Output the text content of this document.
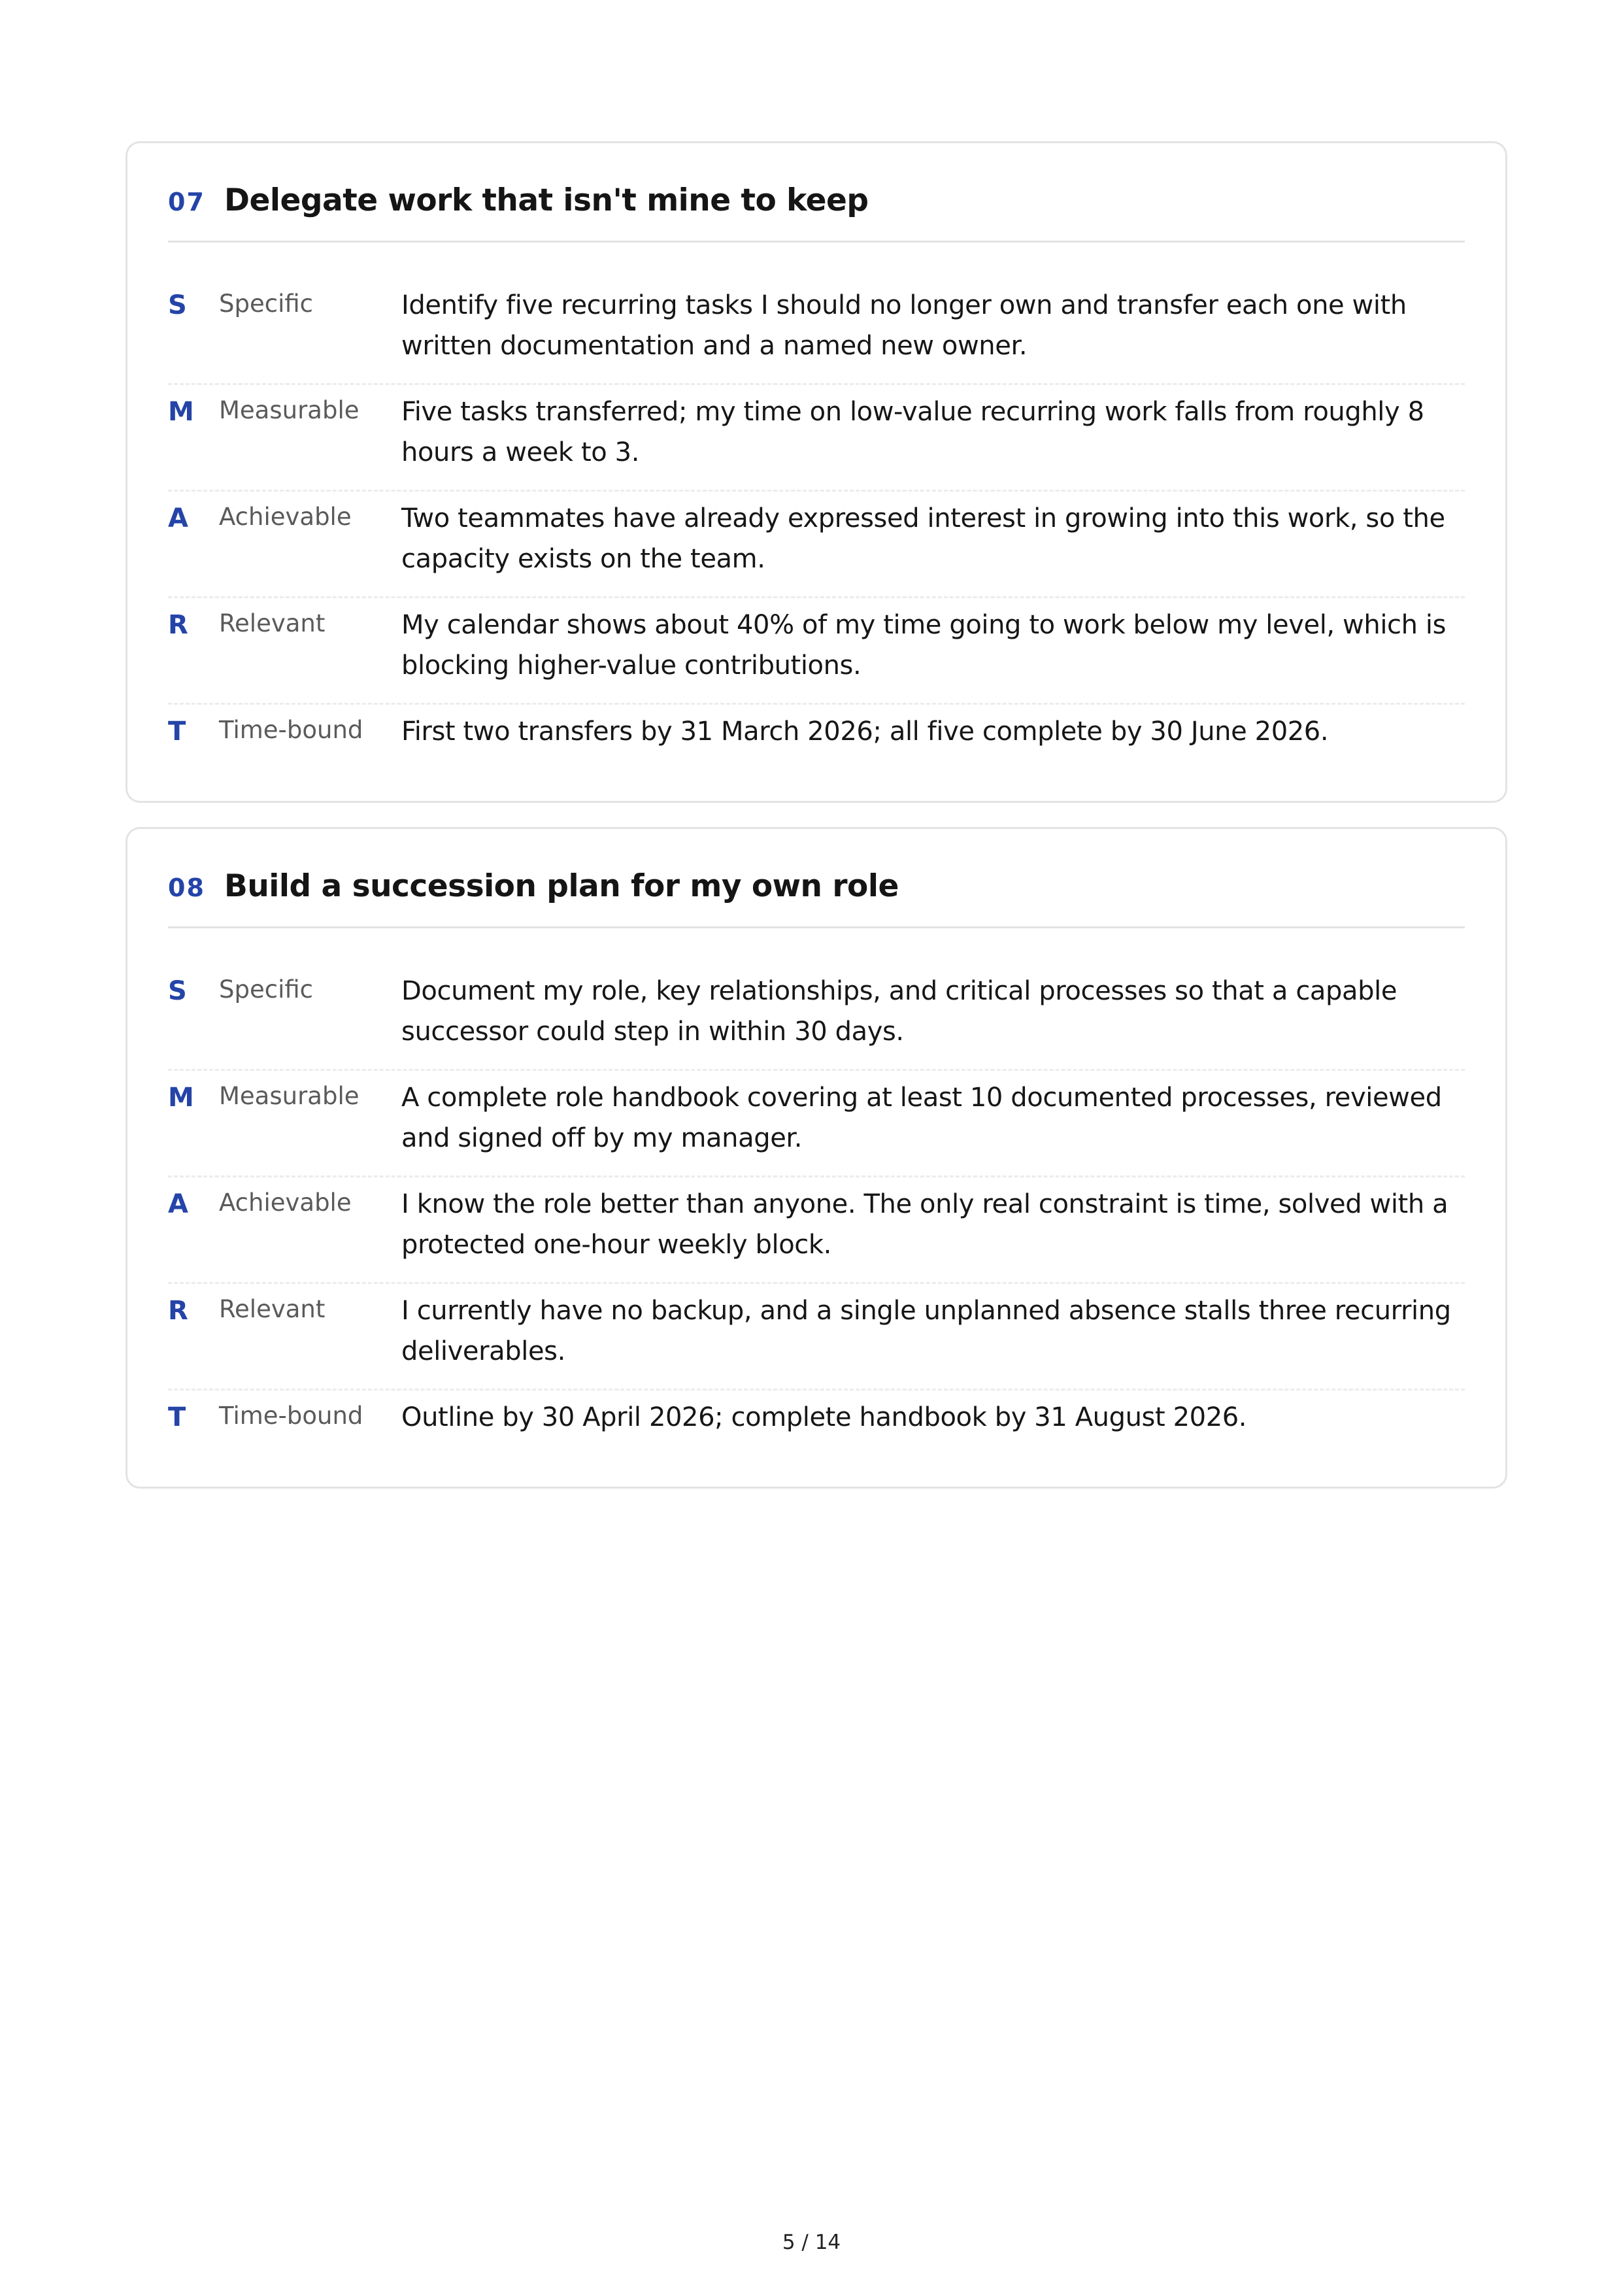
07 Delegate work that isn't mine to keep
S	Specific	Identify five recurring tasks I should no longer own and transfer each one with written documentation and a named new owner.
M	Measurable	Five tasks transferred; my time on low-value recurring work falls from roughly 8 hours a week to 3.
A	Achievable	Two teammates have already expressed interest in growing into this work, so the capacity exists on the team.
R	Relevant	My calendar shows about 40% of my time going to work below my level, which is blocking higher-value contributions.
T	Time-bound	First two transfers by 31 March 2026; all five complete by 30 June 2026.
08 Build a succession plan for my own role
S	Specific	Document my role, key relationships, and critical processes so that a capable successor could step in within 30 days.
M	Measurable	A complete role handbook covering at least 10 documented processes, reviewed and signed off by my manager.
A	Achievable	I know the role better than anyone. The only real constraint is time, solved with a protected one-hour weekly block.
R	Relevant	I currently have no backup, and a single unplanned absence stalls three recurring deliverables.
T	Time-bound	Outline by 30 April 2026; complete handbook by 31 August 2026.
5 / 14
